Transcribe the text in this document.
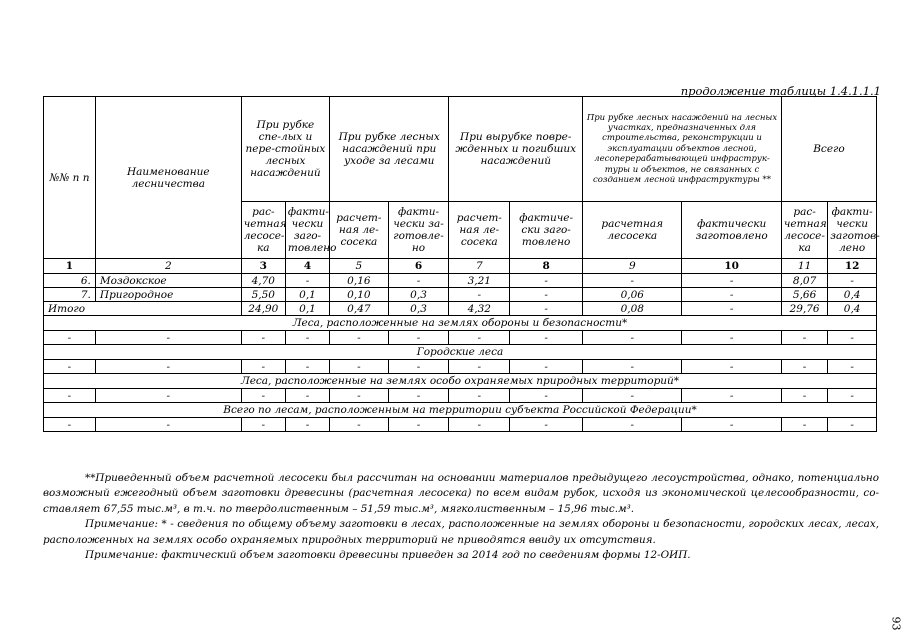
продолжение таблицы 1.4.1.1.1
№№ п п	Наименование лесничества	При рубке спе-лых и пере-стойных лесных насаждений		При рубке лесных насаждений при уходе за лесами		При вырубке повре-жденных и погибших насаждений		При рубке лесных насаждений на лесных участках, предназначенных для строительства, реконструкции и эксплуатации объектов лесной, лесоперерабатывающей инфраструк-туры и объектов, не связанных с созданием лесной инфраструктуры **		Всего	
		рас-четная лесосе-ка	факти-чески заго-товлено	расчет-ная ле-сосека	факти-чески за-готовле-но	расчет-ная ле-сосека	фактиче-ски заго-товлено	расчетная лесосека	фактически заготовлено	рас-четная лесосе-ка	факти-чески заготов-лено
1	2	3	4	5	6	7	8	9	10	11	12
6.	Моздокское	4,70	-	0,16	-	3,21	-	-	-	8,07	-
7.	Пригородное	5,50	0,1	0,10	0,3	-	-	0,06	-	5,66	0,4
Итого		24,90	0,1	0,47	0,3	4,32	-	0,08	-	29,76	0,4
Леса, расположенные на землях обороны и безопасности*											
-	-	-	-	-	-	-	-	-	-	-	-
Городские леса											
-	-	-	-	-	-	-	-	-	-	-	-
Леса, расположенные на землях особо охраняемых природных территорий*											
-	-	-	-	-	-	-	-	-	-	-	-
Всего по лесам, расположенным на территории субъекта Российской Федерации*											
-	-	-	-	-	-	-	-	-	-	-	-

**Приведенный объем расчетной лесосеки был рассчитан на основании материалов предыдущего лесоустройства, однако, потенциально возможный ежегодный объем заготовки древесины (расчетная лесосека) по всем видам рубок, исходя из экономической целесообразности, со-ставляет 67,55 тыс.м³, в т.ч. по твердолиственным – 51,59 тыс.м³, мягколиственным – 15,96 тыс.м³.

Примечание: * - сведения по общему объему заготовки в лесах, расположенные на землях обороны и безопасности, городских лесах, лесах, расположенных на землях особо охраняемых природных территорий не приводятся ввиду их отсутствия.

Примечание: фактический объем заготовки древесины приведен за 2014 год по сведениям формы 12-ОИП.

93
